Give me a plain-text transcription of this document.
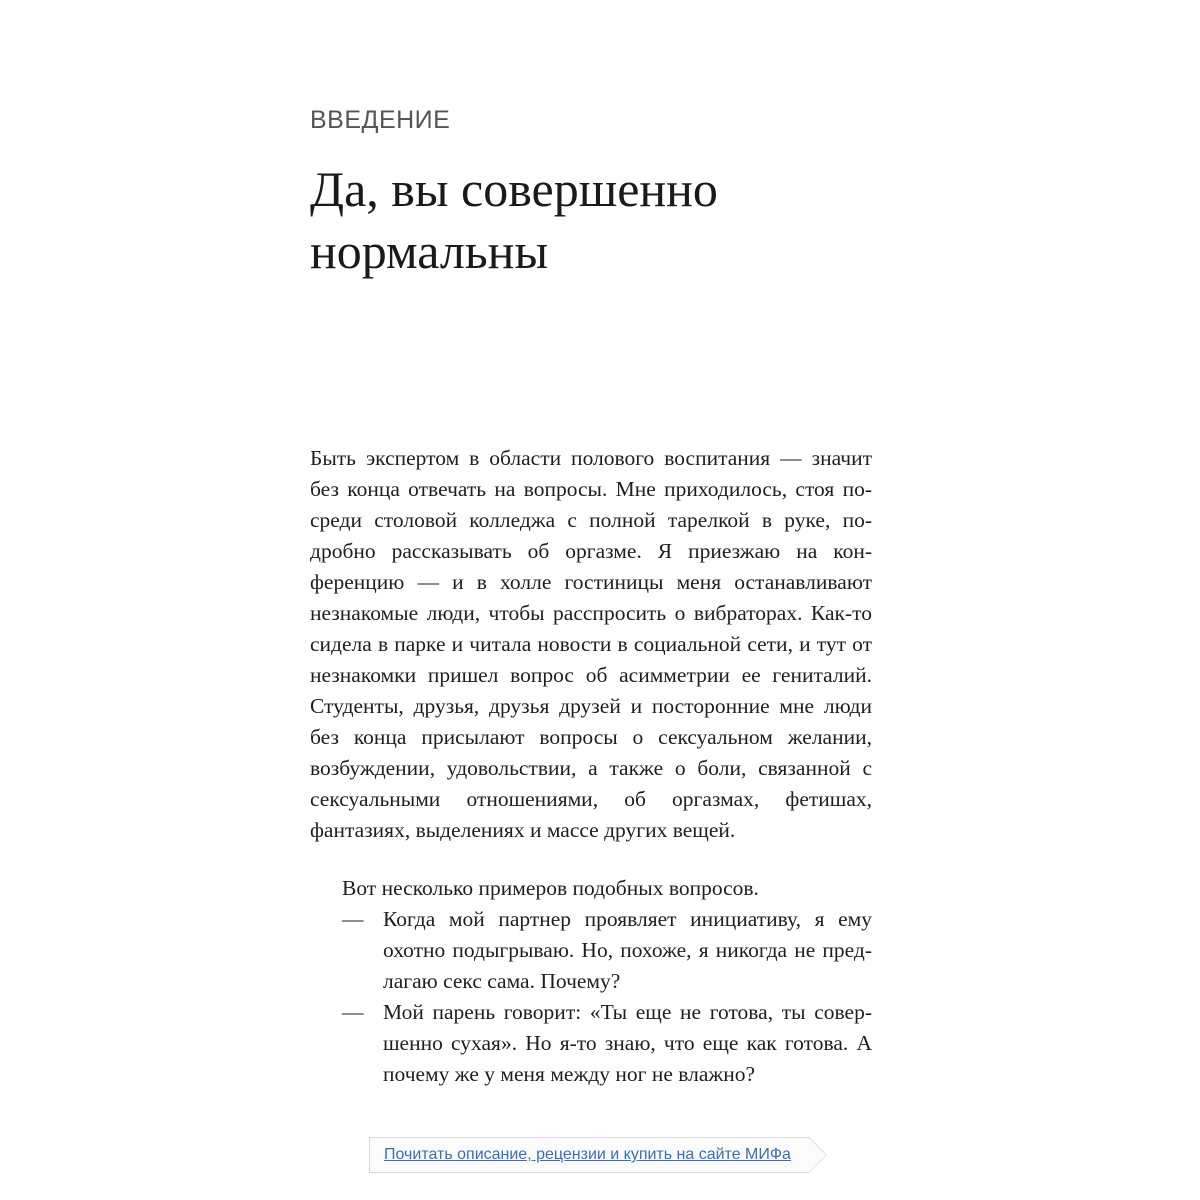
ВВЕДЕНИЕ
Да, вы совершенно
нормальны

Быть экспертом в области полового воспитания — значит без конца отвечать на вопросы. Мне приходилось, стоя посреди столовой колледжа с полной тарелкой в руке, подробно рассказывать об оргазме. Я приезжаю на конференцию — и в холле гостиницы меня останавливают незнакомые люди, чтобы расспросить о вибраторах. Как-то сидела в парке и читала новости в социальной сети, и тут от незнакомки пришел вопрос об асимметрии ее гениталий. Студенты, друзья, друзья друзей и посторонние мне люди без конца присылают вопросы о сексуальном желании, возбуждении, удовольствии, а также о боли, связанной с сексуальными отношениями, об оргазмах, фетишах, фантазиях, выделениях и массе других вещей.

Вот несколько примеров подобных вопросов.
— Когда мой партнер проявляет инициативу, я ему охотно подыгрываю. Но, похоже, я никогда не предлагаю секс сама. Почему?
— Мой парень говорит: «Ты еще не готова, ты совершенно сухая». Но я-то знаю, что еще как готова. А почему же у меня между ног не влажно?
Почитать описание, рецензии и купить на сайте МИФа
